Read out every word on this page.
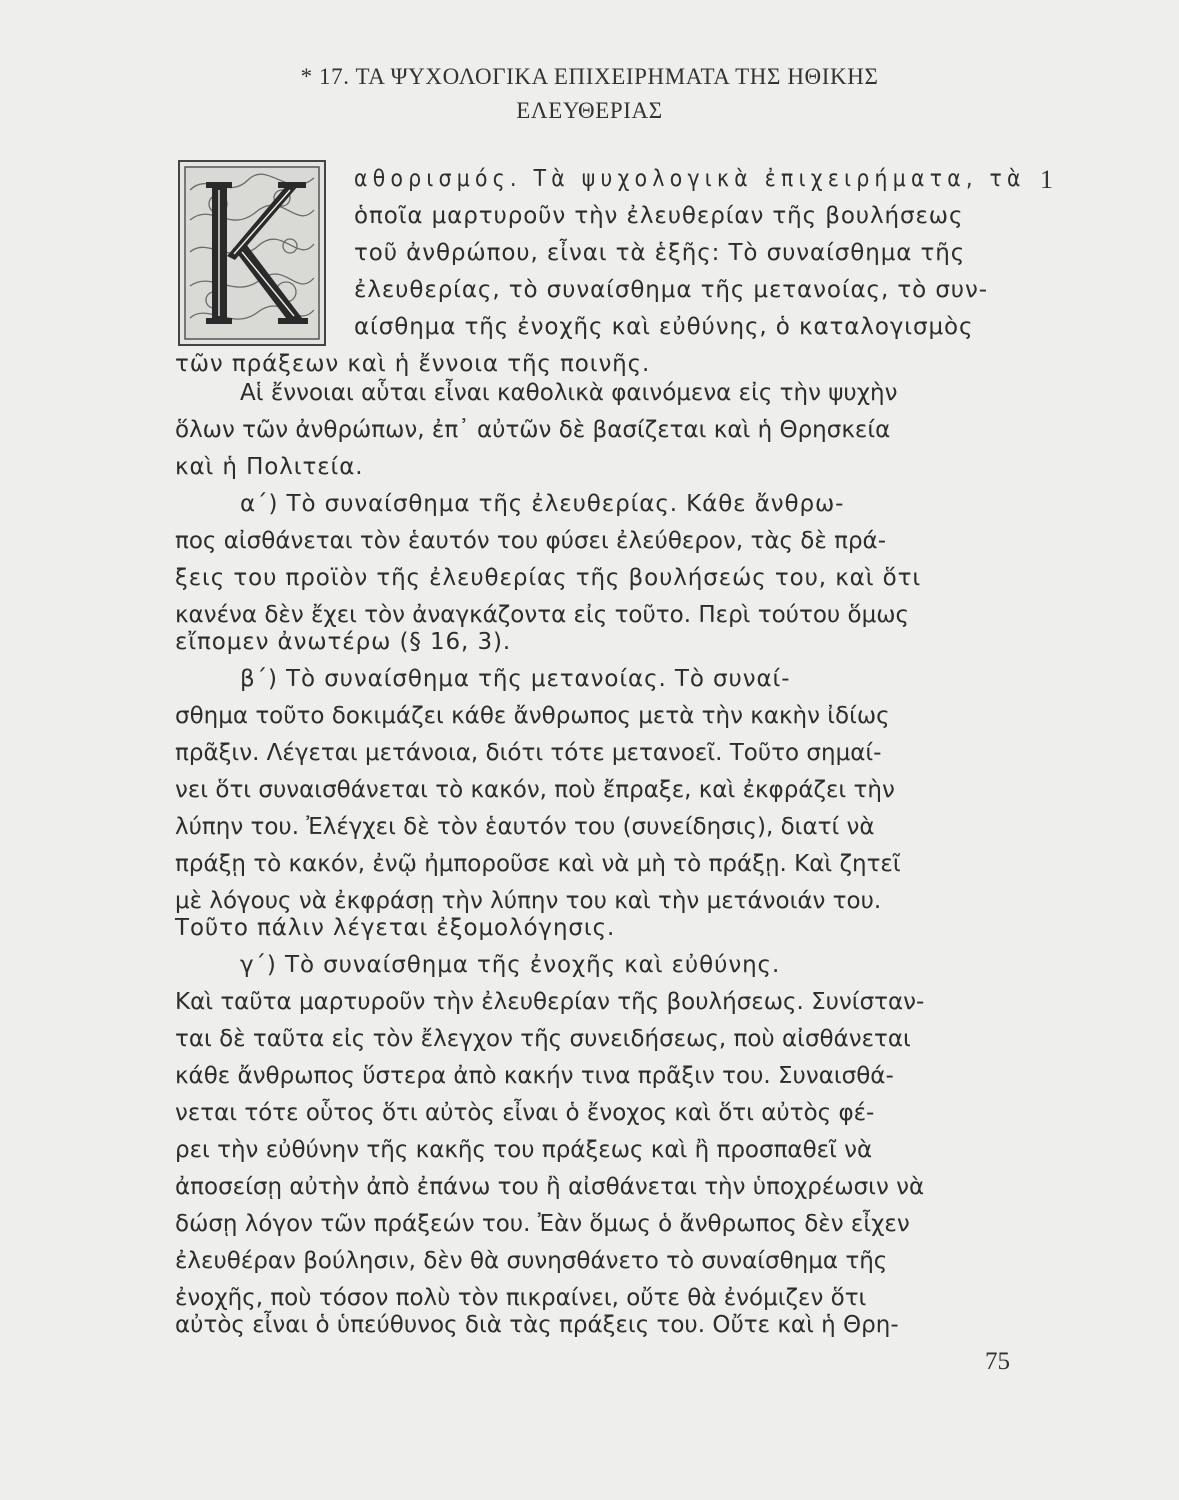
* 17. ΤΑ ΨΥΧΟΛΟΓΙΚΑ ΕΠΙΧΕΙΡΗΜΑΤΑ ΤΗΣ ΗΘΙΚΗΣ
ΕΛΕΥΘΕΡΙΑΣ
1
αθορισμός. Τὰ ψυχολογικὰ ἐπιχειρήματα, τὰ
ὁποῖα μαρτυροῦν τὴν ἐλευθερίαν τῆς βουλήσεως
τοῦ ἀνθρώπου, εἶναι τὰ ἑξῆς: Τὸ συναίσθημα τῆς
ἐλευθερίας, τὸ συναίσθημα τῆς μετανοίας, τὸ συν-
αίσθημα τῆς ἐνοχῆς καὶ εὐθύνης, ὁ καταλογισμὸς
τῶν πράξεων καὶ ἡ ἔννοια τῆς ποινῆς.
Αἱ ἔννοιαι αὗται εἶναι καθολικὰ φαινόμενα εἰς τὴν ψυχὴν
ὅλων τῶν ἀνθρώπων, ἐπ᾽ αὐτῶν δὲ βασίζεται καὶ ἡ Θρησκεία
καὶ ἡ Πολιτεία.
α΄) Τὸ συναίσθημα τῆς ἐλευθερίας. Κάθε ἄνθρω-
πος αἰσθάνεται τὸν ἑαυτόν του φύσει ἐλεύθερον, τὰς δὲ πρά-
ξεις του προϊὸν τῆς ἐλευθερίας τῆς βουλήσεώς του, καὶ ὅτι
κανένα δὲν ἔχει τὸν ἀναγκάζοντα εἰς τοῦτο. Περὶ τούτου ὅμως
εἴπομεν ἀνωτέρω (§ 16, 3).
β΄) Τὸ συναίσθημα τῆς μετανοίας. Τὸ συναί-
σθημα τοῦτο δοκιμάζει κάθε ἄνθρωπος μετὰ τὴν κακὴν ἰδίως
πρᾶξιν. Λέγεται μετάνοια, διότι τότε μετανοεῖ. Τοῦτο σημαί-
νει ὅτι συναισθάνεται τὸ κακόν, ποὺ ἔπραξε, καὶ ἐκφράζει τὴν
λύπην του. Ἐλέγχει δὲ τὸν ἑαυτόν του (συνείδησις), διατί νὰ
πράξῃ τὸ κακόν, ἐνῷ ἠμποροῦσε καὶ νὰ μὴ τὸ πράξῃ. Καὶ ζητεῖ
μὲ λόγους νὰ ἐκφράσῃ τὴν λύπην του καὶ τὴν μετάνοιάν του.
Τοῦτο πάλιν λέγεται ἐξομολόγησις.
γ΄) Τὸ συναίσθημα τῆς ἐνοχῆς καὶ εὐθύνης.
Καὶ ταῦτα μαρτυροῦν τὴν ἐλευθερίαν τῆς βουλήσεως. Συνίσταν-
ται δὲ ταῦτα εἰς τὸν ἔλεγχον τῆς συνειδήσεως, ποὺ αἰσθάνεται
κάθε ἄνθρωπος ὕστερα ἀπὸ κακήν τινα πρᾶξιν του. Συναισθά-
νεται τότε οὗτος ὅτι αὐτὸς εἶναι ὁ ἔνοχος καὶ ὅτι αὐτὸς φέ-
ρει τὴν εὐθύνην τῆς κακῆς του πράξεως καὶ ἢ προσπαθεῖ νὰ
ἀποσείσῃ αὐτὴν ἀπὸ ἐπάνω του ἢ αἰσθάνεται τὴν ὑποχρέωσιν νὰ
δώσῃ λόγον τῶν πράξεών του. Ἐὰν ὅμως ὁ ἄνθρωπος δὲν εἶχεν
ἐλευθέραν βούλησιν, δὲν θὰ συνησθάνετο τὸ συναίσθημα τῆς
ἐνοχῆς, ποὺ τόσον πολὺ τὸν πικραίνει, οὔτε θὰ ἐνόμιζεν ὅτι
αὐτὸς εἶναι ὁ ὑπεύθυνος διὰ τὰς πράξεις του. Οὔτε καὶ ἡ Θρη-
75
